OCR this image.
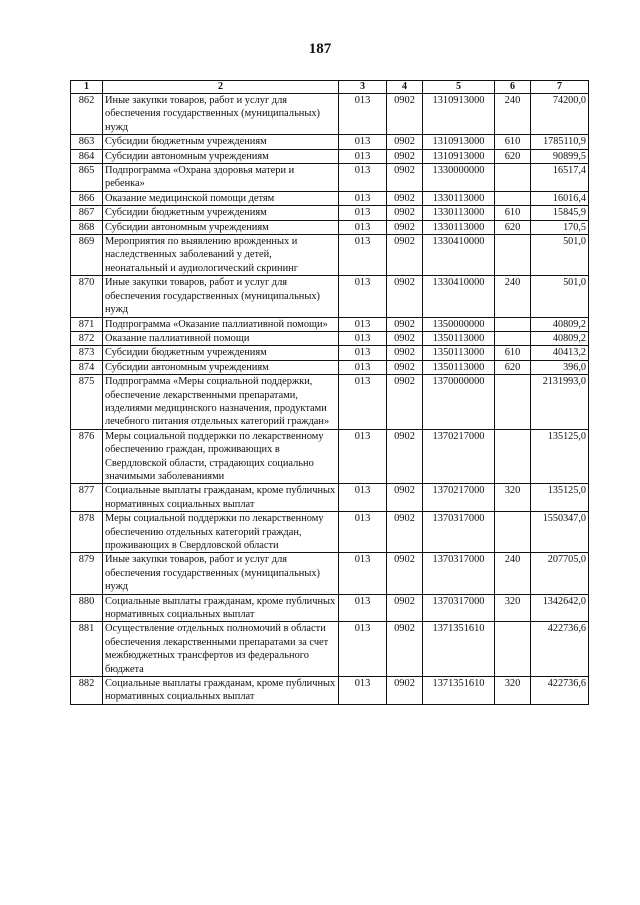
187
1	2	3	4	5	6	7
862	Иные закупки товаров, работ и услуг для обеспечения государственных (муниципальных) нужд	013	0902	1310913000	240	74200,0
863	Субсидии бюджетным учреждениям	013	0902	1310913000	610	1785110,9
864	Субсидии автономным учреждениям	013	0902	1310913000	620	90899,5
865	Подпрограмма «Охрана здоровья матери и ребенка»	013	0902	1330000000		16517,4
866	Оказание медицинской помощи детям	013	0902	1330113000		16016,4
867	Субсидии бюджетным учреждениям	013	0902	1330113000	610	15845,9
868	Субсидии автономным учреждениям	013	0902	1330113000	620	170,5
869	Мероприятия по выявлению врожденных и наследственных заболеваний у детей, неонатальный и аудиологический скрининг	013	0902	1330410000		501,0
870	Иные закупки товаров, работ и услуг для обеспечения государственных (муниципальных) нужд	013	0902	1330410000	240	501,0
871	Подпрограмма «Оказание паллиативной помощи»	013	0902	1350000000		40809,2
872	Оказание паллиативной помощи	013	0902	1350113000		40809,2
873	Субсидии бюджетным учреждениям	013	0902	1350113000	610	40413,2
874	Субсидии автономным учреждениям	013	0902	1350113000	620	396,0
875	Подпрограмма «Меры социальной поддержки, обеспечение лекарственными препаратами, изделиями медицинского назначения, продуктами лечебного питания отдельных категорий граждан»	013	0902	1370000000		2131993,0
876	Меры социальной поддержки по лекарственному обеспечению граждан, проживающих в Свердловской области, страдающих социально значимыми заболеваниями	013	0902	1370217000		135125,0
877	Социальные выплаты гражданам, кроме публичных нормативных социальных выплат	013	0902	1370217000	320	135125,0
878	Меры социальной поддержки по лекарственному обеспечению отдельных категорий граждан, проживающих в Свердловской области	013	0902	1370317000		1550347,0
879	Иные закупки товаров, работ и услуг для обеспечения государственных (муниципальных) нужд	013	0902	1370317000	240	207705,0
880	Социальные выплаты гражданам, кроме публичных нормативных социальных выплат	013	0902	1370317000	320	1342642,0
881	Осуществление отдельных полномочий в области обеспечения лекарственными препаратами за счет межбюджетных трансфертов из федерального бюджета	013	0902	1371351610		422736,6
882	Социальные выплаты гражданам, кроме публичных нормативных социальных выплат	013	0902	1371351610	320	422736,6
